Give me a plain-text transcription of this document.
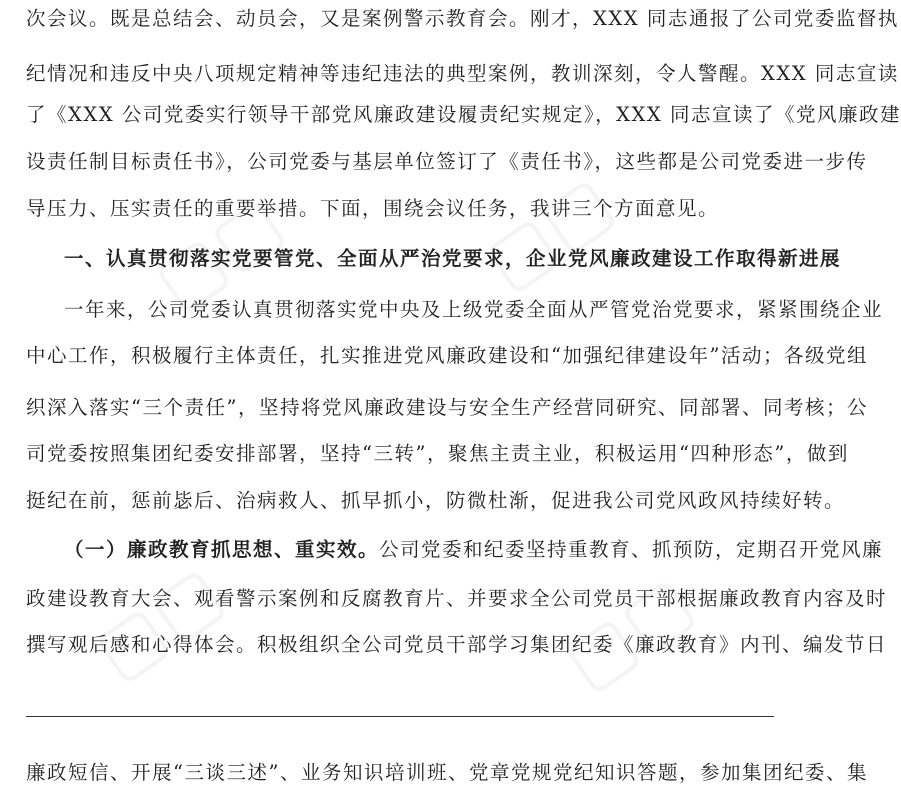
▢▢ ▢▢
▢▢	▢▢
次会议。既是总结会、动员会，又是案例警示教育会。刚才，XXX 同志通报了公司党委监督执
纪情况和违反中央八项规定精神等违纪违法的典型案例，教训深刻，令人警醒。XXX 同志宣读
了《XXX 公司党委实行领导干部党风廉政建设履责纪实规定》，XXX 同志宣读了《党风廉政建
设责任制目标责任书》，公司党委与基层单位签订了《责任书》，这些都是公司党委进一步传
导压力、压实责任的重要举措。下面，围绕会议任务，我讲三个方面意见。
一、认真贯彻落实党要管党、全面从严治党要求，企业党风廉政建设工作取得新进展
一年来，公司党委认真贯彻落实党中央及上级党委全面从严管党治党要求，紧紧围绕企业
中心工作，积极履行主体责任，扎实推进党风廉政建设和“加强纪律建设年”活动；各级党组
织深入落实“三个责任”，坚持将党风廉政建设与安全生产经营同研究、同部署、同考核；公
司党委按照集团纪委安排部署，坚持“三转”，聚焦主责主业，积极运用“四种形态”，做到
挺纪在前，惩前毖后、治病救人、抓早抓小，防微杜渐，促进我公司党风政风持续好转。
（一）廉政教育抓思想、重实效。公司党委和纪委坚持重教育、抓预防，定期召开党风廉
政建设教育大会、观看警示案例和反腐教育片、并要求全公司党员干部根据廉政教育内容及时
撰写观后感和心得体会。积极组织全公司党员干部学习集团纪委《廉政教育》内刊、编发节日
廉政短信、开展“三谈三述”、业务知识培训班、党章党规党纪知识答题，参加集团纪委、集
